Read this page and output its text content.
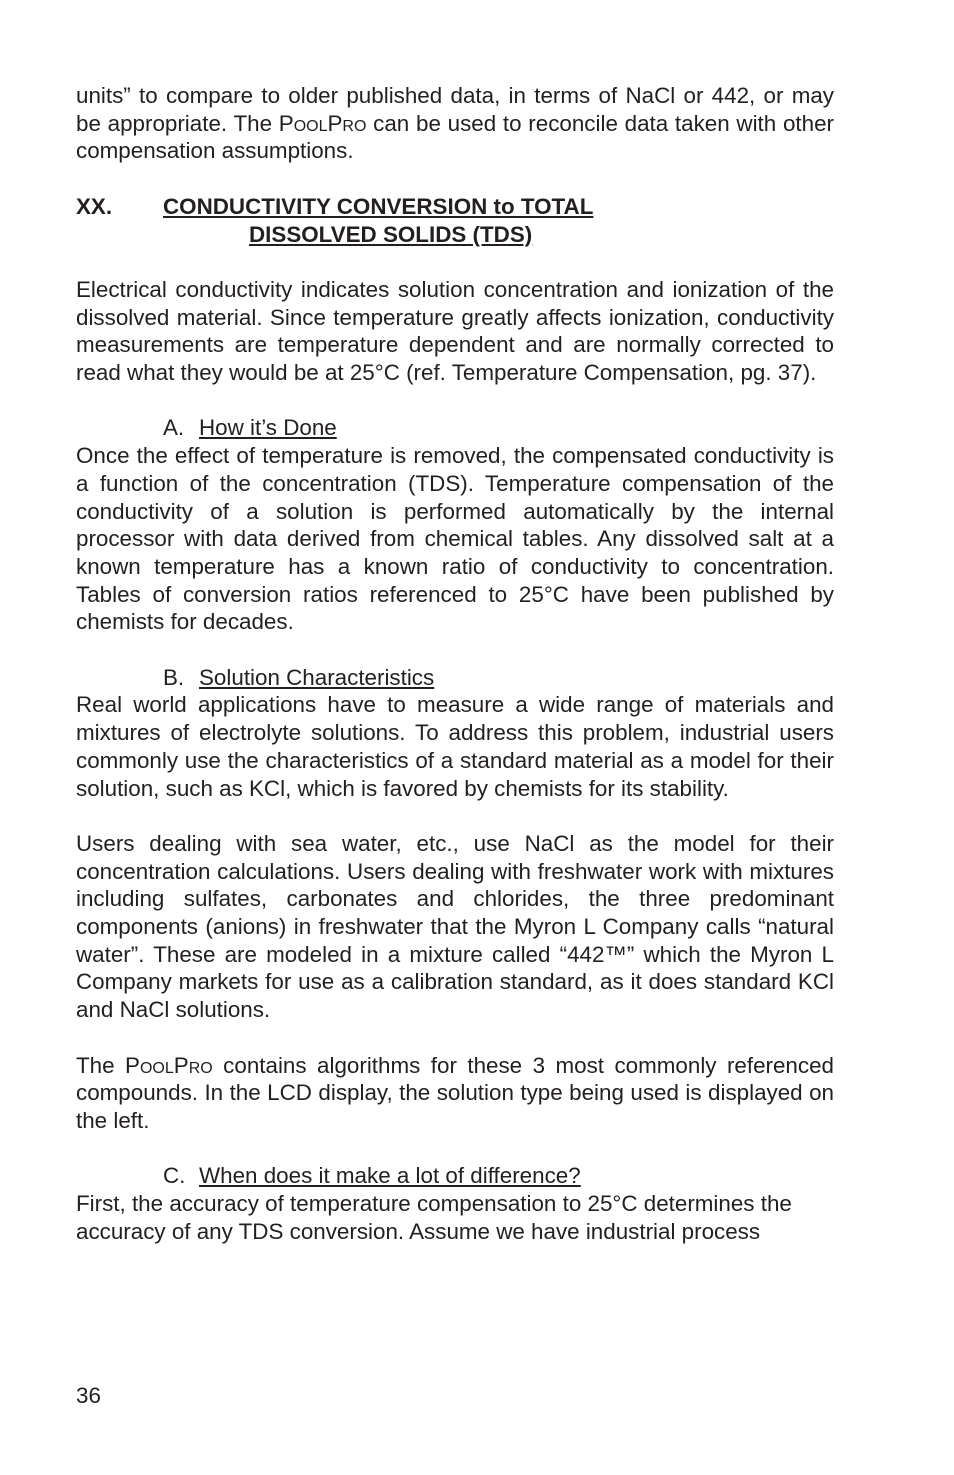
units” to compare to older published data, in terms of NaCl or 442, or may be appropriate. The PoolPro can be used to reconcile data taken with other compensation assumptions.

XX.	CONDUCTIVITY CONVERSION to TOTAL
DISSOLVED SOLIDS (TDS)

Electrical conductivity indicates solution concentration and ionization of the dissolved material. Since temperature greatly affects ionization, conductivity measurements are temperature dependent and are normally corrected to read what they would be at 25°C (ref. Temperature Compensation, pg. 37).

A. How it’s Done

Once the effect of temperature is removed, the compensated conductivity is a function of the concentration (TDS). Temperature compensation of the conductivity of a solution is performed automatically by the internal processor with data derived from chemical tables. Any dissolved salt at a known temperature has a known ratio of conductivity to concentration. Tables of conversion ratios referenced to 25°C have been published by chemists for decades.

B. Solution Characteristics

Real world applications have to measure a wide range of materials and mixtures of electrolyte solutions. To address this problem, industrial users commonly use the characteristics of a standard material as a model for their solution, such as KCl, which is favored by chemists for its stability.

Users dealing with sea water, etc., use NaCl as the model for their concentration calculations. Users dealing with freshwater work with mixtures including sulfates, carbonates and chlorides, the three predominant components (anions) in freshwater that the Myron L Company calls “natural water”. These are modeled in a mixture called “442™” which the Myron L Company markets for use as a calibration standard, as it does standard KCl and NaCl solutions.

The PoolPro contains algorithms for these 3 most commonly referenced compounds. In the LCD display, the solution type being used is displayed on the left.

C. When does it make a lot of difference?

First, the accuracy of temperature compensation to 25°C determines the accuracy of any TDS conversion. Assume we have industrial process

36
